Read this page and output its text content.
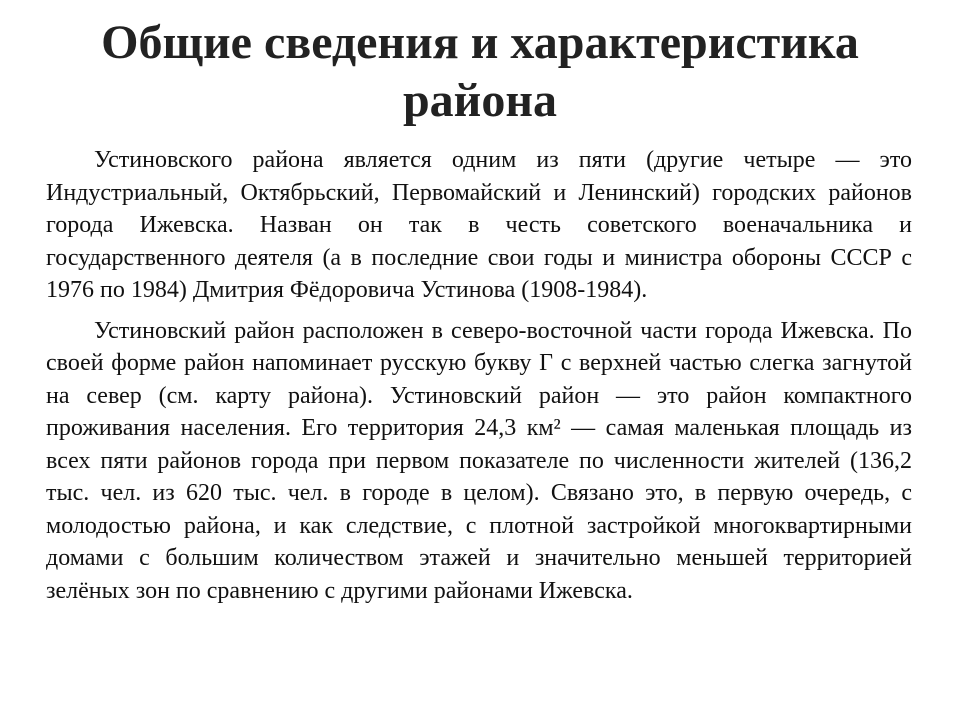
Общие сведения и характеристика района

Устиновского района является одним из пяти (другие четыре — это Индустриальный, Октябрьский, Первомайский и Ленинский) городских районов города Ижевска. Назван он так в честь советского военачальника и государственного деятеля (а в последние свои годы и министра обороны СССР с 1976 по 1984) Дмитрия Фёдоровича Устинова (1908-1984).

Устиновский район расположен в северо-восточной части города Ижевска. По своей форме район напоминает русскую букву Г с верхней частью слегка загнутой на север (см. карту района). Устиновский район — это район компактного проживания населения. Его территория 24,3 км² — самая маленькая площадь из всех пяти районов города при первом показателе по численности жителей (136,2 тыс. чел. из 620 тыс. чел. в городе в целом). Связано это, в первую очередь, с молодостью района, и как следствие, с плотной застройкой многоквартирными домами с большим количеством этажей и значительно меньшей территорией зелёных зон по сравнению с другими районами Ижевска.
